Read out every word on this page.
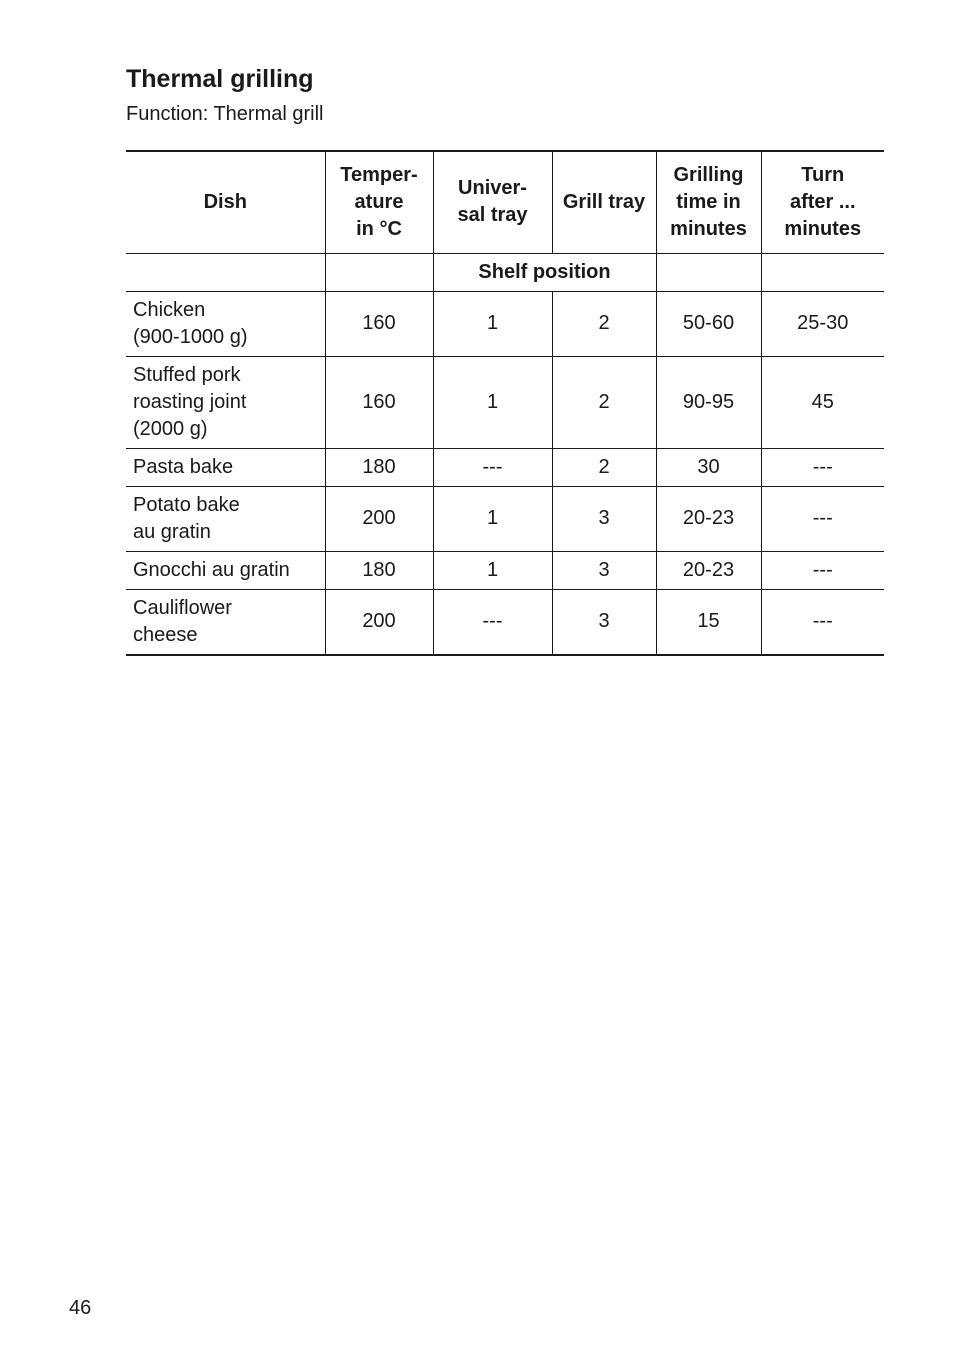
Thermal grilling
Function: Thermal grill
Dish	Temper-
ature
in °C	Univer-
sal tray	Grill tray	Grilling
time in
minutes	Turn
after ...
minutes
		Shelf position			
Chicken
(900-1000 g)	160	1	2	50-60	25-30
Stuffed pork
roasting joint
(2000 g)	160	1	2	90-95	45
Pasta bake	180	---	2	30	---
Potato bake
au gratin	200	1	3	20-23	---
Gnocchi au gratin	180	1	3	20-23	---
Cauliflower
cheese	200	---	3	15	---
46
